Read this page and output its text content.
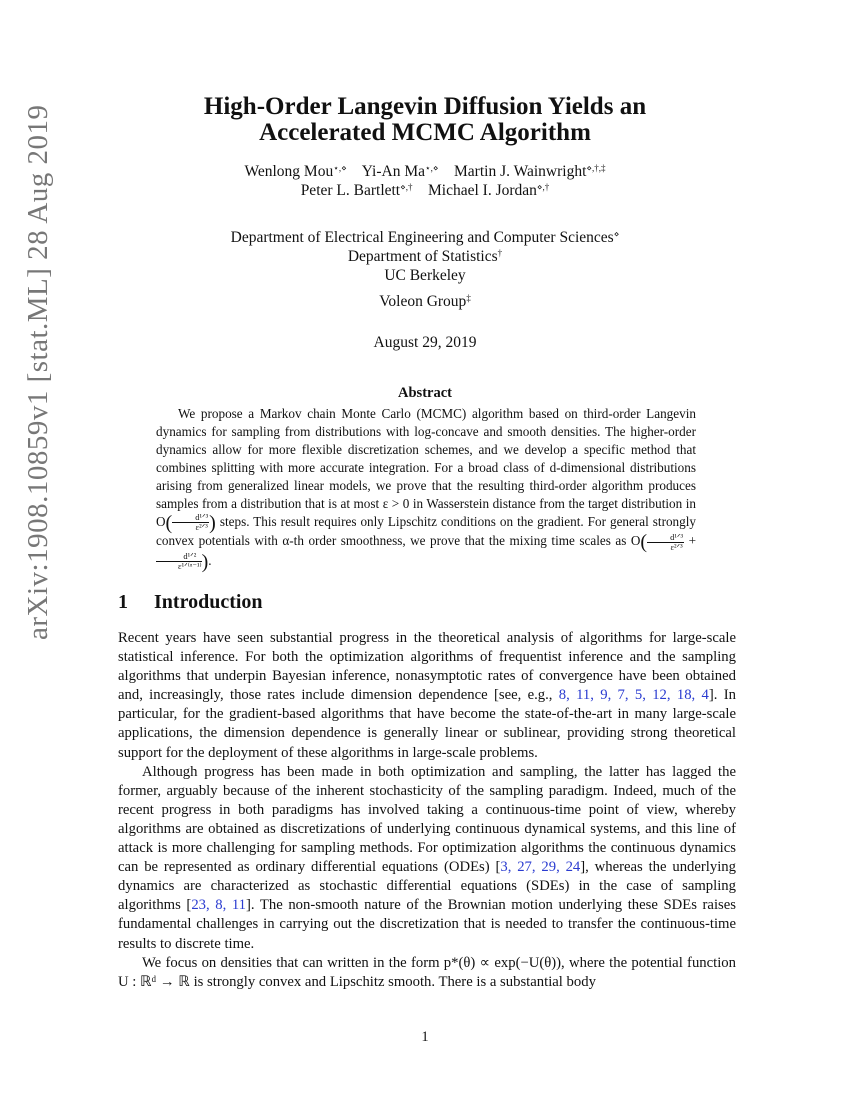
arXiv:1908.10859v1 [stat.ML] 28 Aug 2019	High-Order Langevin Diffusion Yields an
Accelerated MCMC Algorithm
Wenlong Mou⋆,⋄ Yi-An Ma⋆,⋄ Martin J. Wainwright⋄,†,‡
Peter L. Bartlett⋄,† Michael I. Jordan⋄,†
Department of Electrical Engineering and Computer Sciences⋄
Department of Statistics†
UC Berkeley
Voleon Group‡
August 29, 2019
Abstract

We propose a Markov chain Monte Carlo (MCMC) algorithm based on third-order Langevin dynamics for sampling from distributions with log-concave and smooth densities. The higher-order dynamics allow for more flexible discretization schemes, and we develop a specific method that combines splitting with more accurate integration. For a broad class of d-dimensional distributions arising from generalized linear models, we prove that the resulting third-order algorithm produces samples from a distribution that is at most ε > 0 in Wasserstein distance from the target distribution in $O( \frac{\text{d¹ᐟ³}}{\text{ε²ᐟ³}}$ ) steps. This result requires only Lipschitz conditions on the gradient. For general strongly convex potentials with α-th order smoothness, we prove that the mixing time scales as $O( \frac{\text{d¹ᐟ³}}{\text{ε²ᐟ³}}$ +
$\frac{\text{d¹ᐟ²}}{\text{ε¹ᐟ⁽ᵅ⁻¹⁾}}$ ).

1 Introduction

Recent years have seen substantial progress in the theoretical analysis of algorithms for large-scale statistical inference. For both the optimization algorithms of frequentist inference and the sampling algorithms that underpin Bayesian inference, nonasymptotic rates of convergence have been obtained and, increasingly, those rates include dimension dependence [see, e.g., 8, 11, 9, 7, 5, 12, 18, 4]. In particular, for the gradient-based algorithms that have become the state-of-the-art in many large-scale applications, the dimension dependence is generally linear or sublinear, providing strong theoretical support for the deployment of these algorithms in large-scale problems.

Although progress has been made in both optimization and sampling, the latter has lagged the former, arguably because of the inherent stochasticity of the sampling paradigm. Indeed, much of the recent progress in both paradigms has involved taking a continuous-time point of view, whereby algorithms are obtained as discretizations of underlying continuous dynamical systems, and this line of attack is more challenging for sampling methods. For optimization algorithms the continuous dynamics can be represented as ordinary differential equations (ODEs) [3, 27, 29, 24], whereas the underlying dynamics are characterized as stochastic differential equations (SDEs) in the case of sampling algorithms [23, 8, 11]. The non-smooth nature of the Brownian motion underlying these SDEs raises fundamental challenges in carrying out the discretization that is needed to transfer the continuous-time results to discrete time.

We focus on densities that can written in the form p*(θ) ∝ exp(−U(θ)), where the potential function U : ℝᵈ → ℝ is strongly convex and Lipschitz smooth. There is a substantial body

1
